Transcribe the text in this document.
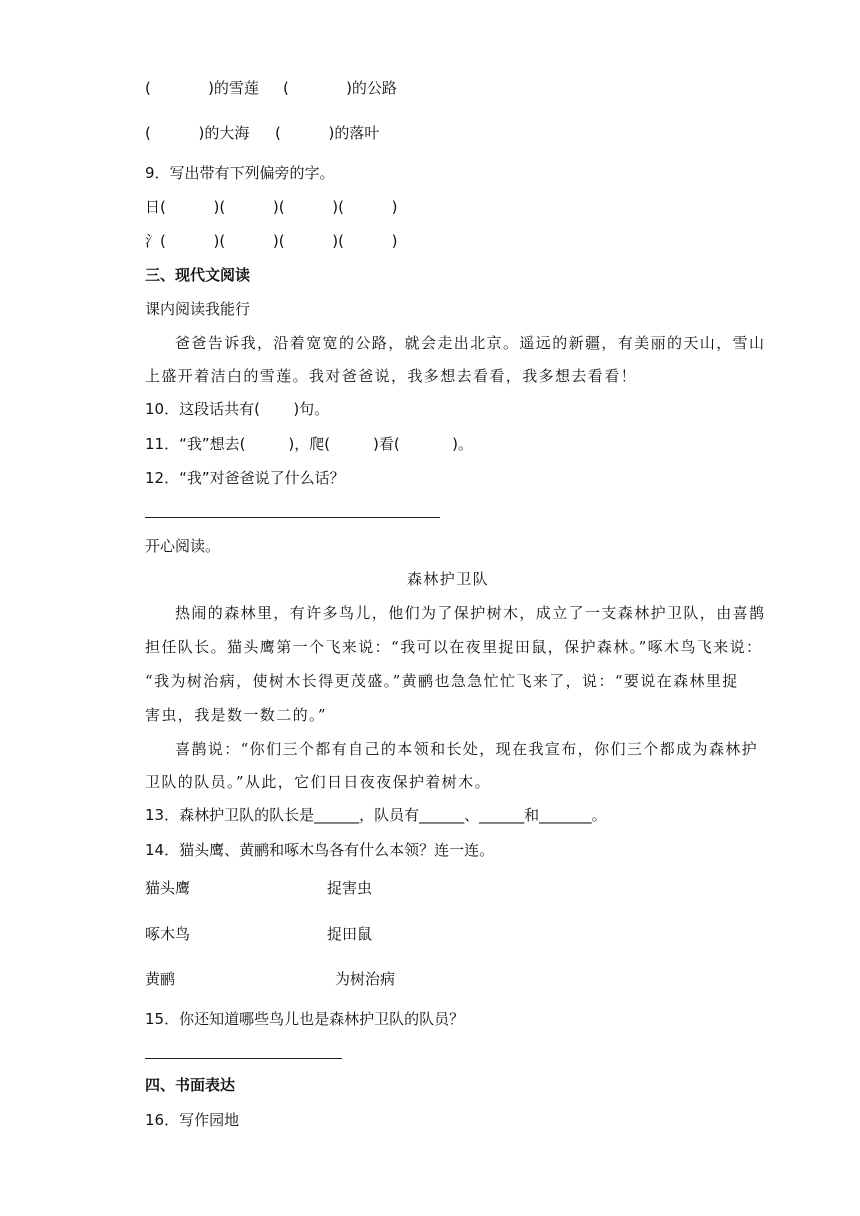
(            )的雪莲 (            )的公路
(          )的大海 (          )的落叶
9．写出带有下列偏旁的字。
日(          )(          )(          )(          )
氵(          )(          )(          )(          )
三、现代文阅读
课内阅读我能行
爸爸告诉我，沿着宽宽的公路，就会走出北京。遥远的新疆，有美丽的天山，雪山
上盛开着洁白的雪莲。我对爸爸说，我多想去看看，我多想去看看！
10．这段话共有(       )句。
11．“我”想去(         )，爬(         )看(           )。
12．“我”对爸爸说了什么话？
开心阅读。
森林护卫队
热闹的森林里，有许多鸟儿，他们为了保护树木，成立了一支森林护卫队，由喜鹊
担任队长。猫头鹰第一个飞来说：“我可以在夜里捉田鼠，保护森林。”啄木鸟飞来说：
“我为树治病，使树木长得更茂盛。”黄鹂也急急忙忙飞来了，说：“要说在森林里捉
害虫，我是数一数二的。”
喜鹊说：“你们三个都有自己的本领和长处，现在我宣布，你们三个都成为森林护
卫队的队员。”从此，它们日日夜夜保护着树木。
13．森林护卫队的队长是______，队员有______、______和_______。
14．猫头鹰、黄鹂和啄木鸟各有什么本领？连一连。
猫头鹰	捉害虫
啄木鸟	捉田鼠
黄鹂	为树治病
15．你还知道哪些鸟儿也是森林护卫队的队员？
四、书面表达
16．写作园地
